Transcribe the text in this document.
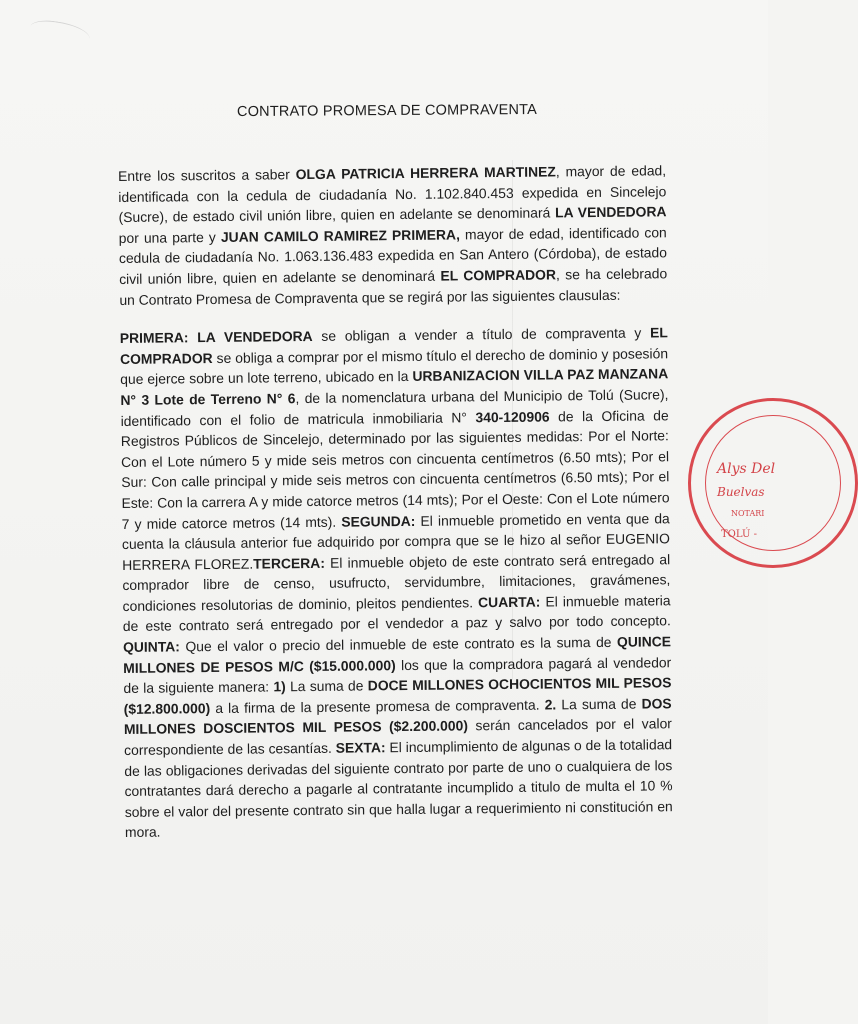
CONTRATO PROMESA DE COMPRAVENTA

Entre los suscritos a saber OLGA PATRICIA HERRERA MARTINEZ, mayor de edad, identificada con la cedula de ciudadanía No. 1.102.840.453 expedida en Sincelejo (Sucre), de estado civil unión libre, quien en adelante se denominará LA VENDEDORA por una parte y JUAN CAMILO RAMIREZ PRIMERA, mayor de edad, identificado con cedula de ciudadanía No. 1.063.136.483 expedida en San Antero (Córdoba), de estado civil unión libre, quien en adelante se denominará EL COMPRADOR, se ha celebrado un Contrato Promesa de Compraventa que se regirá por las siguientes clausulas:

PRIMERA: LA VENDEDORA se obligan a vender a título de compraventa y EL COMPRADOR se obliga a comprar por el mismo título el derecho de dominio y posesión que ejerce sobre un lote terreno, ubicado en la URBANIZACION VILLA PAZ MANZANA N° 3 Lote de Terreno N° 6, de la nomenclatura urbana del Municipio de Tolú (Sucre), identificado con el folio de matricula inmobiliaria N° 340-120906 de la Oficina de Registros Públicos de Sincelejo, determinado por las siguientes medidas: Por el Norte: Con el Lote número 5 y mide seis metros con cincuenta centímetros (6.50 mts); Por el Sur: Con calle principal y mide seis metros con cincuenta centímetros (6.50 mts); Por el Este: Con la carrera A y mide catorce metros (14 mts); Por el Oeste: Con el Lote número 7 y mide catorce metros (14 mts). SEGUNDA: El inmueble prometido en venta que da cuenta la cláusula anterior fue adquirido por compra que se le hizo al señor EUGENIO HERRERA FLOREZ.TERCERA: El inmueble objeto de este contrato será entregado al comprador libre de censo, usufructo, servidumbre, limitaciones, gravámenes, condiciones resolutorias de dominio, pleitos pendientes. CUARTA: El inmueble materia de este contrato será entregado por el vendedor a paz y salvo por todo concepto. QUINTA: Que el valor o precio del inmueble de este contrato es la suma de QUINCE MILLONES DE PESOS M/C ($15.000.000) los que la compradora pagará al vendedor de la siguiente manera: 1) La suma de DOCE MILLONES OCHOCIENTOS MIL PESOS ($12.800.000) a la firma de la presente promesa de compraventa. 2. La suma de DOS MILLONES DOSCIENTOS MIL PESOS ($2.200.000) serán cancelados por el valor correspondiente de las cesantías. SEXTA: El incumplimiento de algunas o de la totalidad de las obligaciones derivadas del siguiente contrato por parte de uno o cualquiera de los contratantes dará derecho a pagarle al contratante incumplido a titulo de multa el 10 % sobre el valor del presente contrato sin que halla lugar a requerimiento ni constitución en mora.

Alys Del
Buelvas
NOTARI
TOLÚ -
